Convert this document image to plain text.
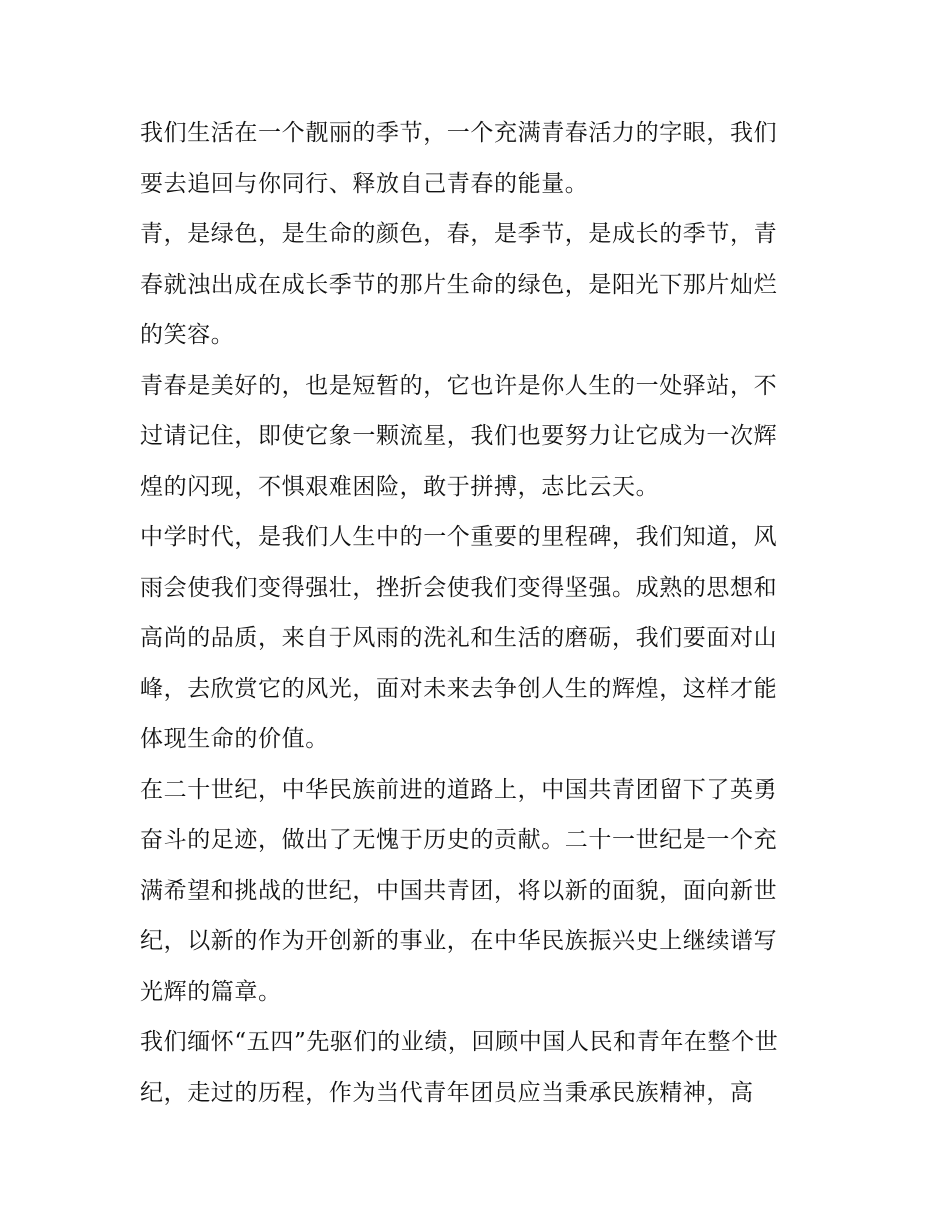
我们生活在一个靓丽的季节，一个充满青春活力的字眼，我们
要去追回与你同行、释放自己青春的能量。

青，是绿色，是生命的颜色，春，是季节，是成长的季节，青
春就浊出成在成长季节的那片生命的绿色，是阳光下那片灿烂
的笑容。

青春是美好的，也是短暂的，它也许是你人生的一处驿站，不
过请记住，即使它象一颗流星，我们也要努力让它成为一次辉
煌的闪现，不惧艰难困险，敢于拼搏，志比云天。

中学时代，是我们人生中的一个重要的里程碑，我们知道，风
雨会使我们变得强壮，挫折会使我们变得坚强。成熟的思想和
高尚的品质，来自于风雨的洗礼和生活的磨砺，我们要面对山
峰，去欣赏它的风光，面对未来去争创人生的辉煌，这样才能
体现生命的价值。

在二十世纪，中华民族前进的道路上，中国共青团留下了英勇
奋斗的足迹，做出了无愧于历史的贡献。二十一世纪是一个充
满希望和挑战的世纪，中国共青团，将以新的面貌，面向新世
纪，以新的作为开创新的事业，在中华民族振兴史上继续谱写
光辉的篇章。

我们缅怀“五四”先驱们的业绩，回顾中国人民和青年在整个世
纪，走过的历程，作为当代青年团员应当秉承民族精神，高
